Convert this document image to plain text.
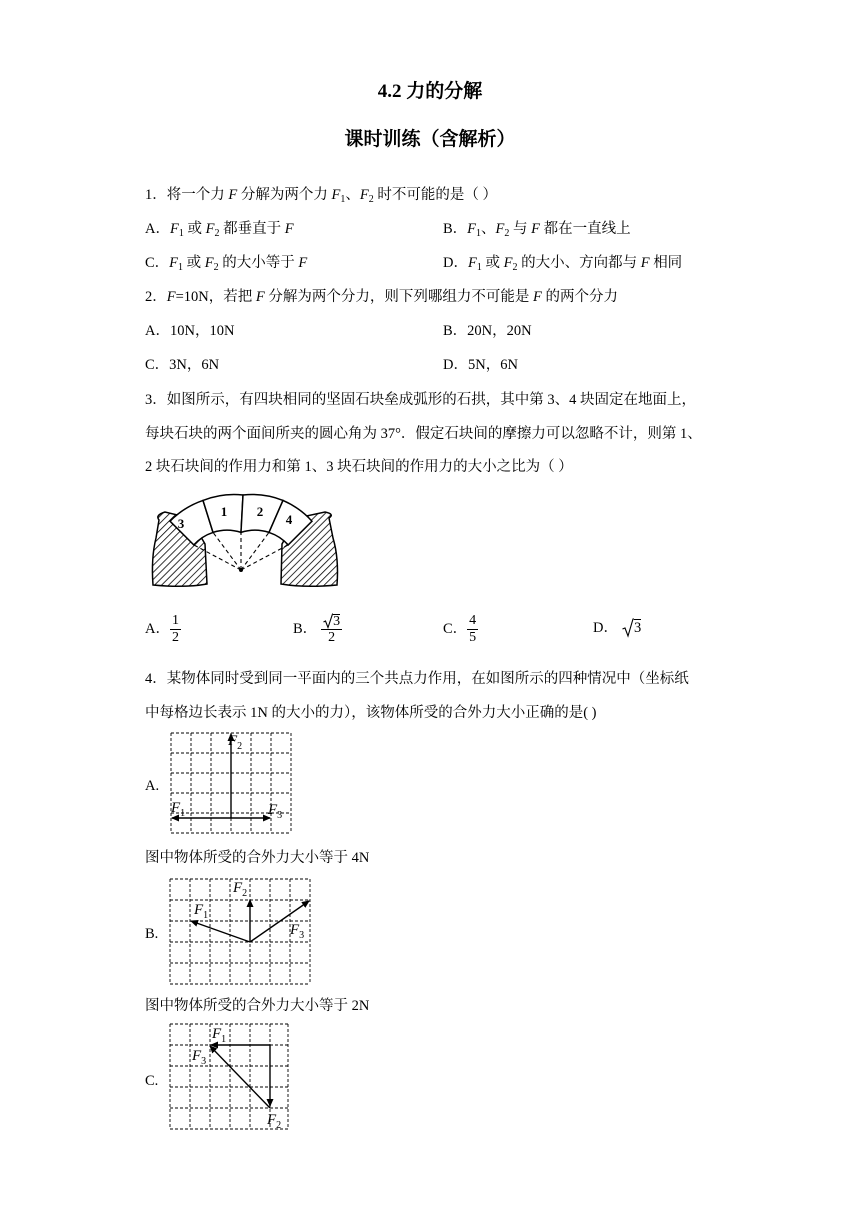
4.2 力的分解
课时训练（含解析）
1．将一个力 F 分解为两个力 $F_1$、$F_2$ 时不可能的是（ ）
A．$F_1$ 或 $F_2$ 都垂直于 F	B．$F_1$、$F_2$ 与 F 都在一直线上
C．$F_1$ 或 $F_2$ 的大小等于 F	D．$F_1$ 或 $F_2$ 的大小、方向都与 F 相同
2．F=10N，若把 F 分解为两个分力，则下列哪组力不可能是 F 的两个分力
A．10N，10N	B．20N，20N
C．3N，6N	D．5N，6N
3．如图所示，有四块相同的坚固石块垒成弧形的石拱，其中第 3、4 块固定在地面上，
每块石块的两个面间所夹的圆心角为 37°．假定石块间的摩擦力可以忽略不计，则第 1、
2 块石块间的作用力和第 1、3 块石块间的作用力的大小之比为（ ）
3
1 2
4
A． $\frac{1}{2}$	B． $\frac{3}{2}$	C． $\frac{4}{5}$	D． 3
4．某物体同时受到同一平面内的三个共点力作用，在如图所示的四种情况中（坐标纸
中每格边长表示 1N 的大小的力），该物体所受的合外力大小正确的是( )
A.
$F_1$	$F_3$
$F_2$
图中物体所受的合外力大小等于 4N
B.
$F_1$
$F_2$
$F_3$
图中物体所受的合外力大小等于 2N
C.
$F_1$
$F_3$
$F_2$
